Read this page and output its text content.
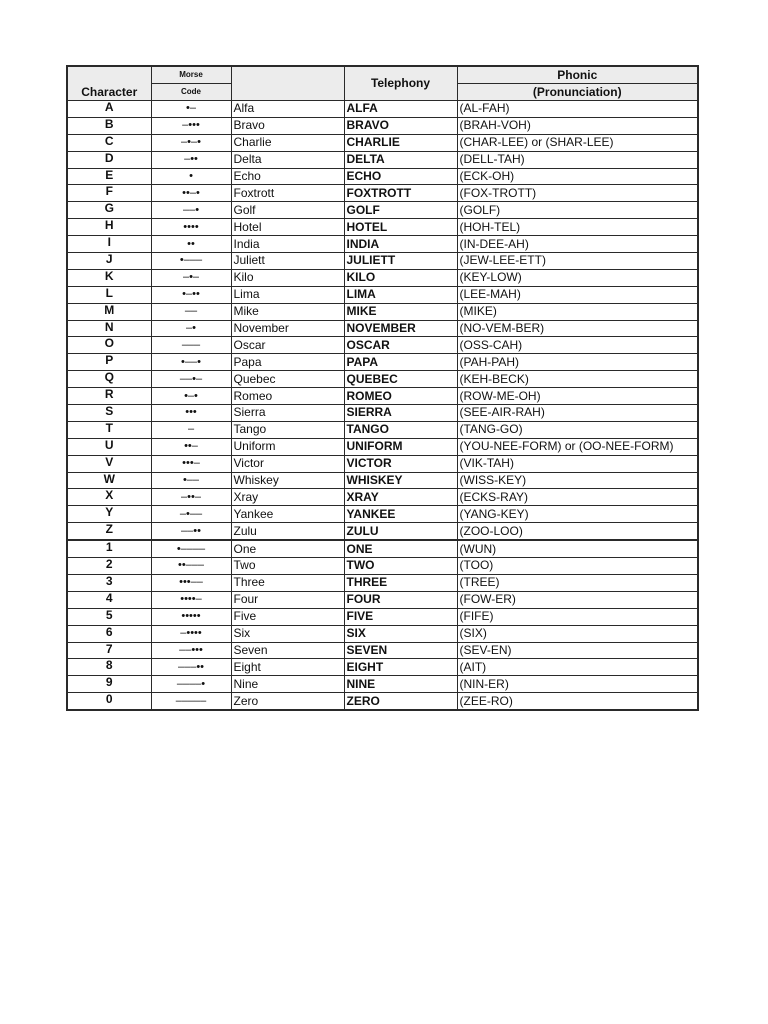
Character	Morse		Telephony	Phonic
	Code			(Pronunciation)
A	•–	Alfa	ALFA	(AL-FAH)
B	–•••	Bravo	BRAVO	(BRAH-VOH)
C	–•–•	Charlie	CHARLIE	(CHAR-LEE) or (SHAR-LEE)
D	–••	Delta	DELTA	(DELL-TAH)
E	•	Echo	ECHO	(ECK-OH)
F	••–•	Foxtrott	FOXTROTT	(FOX-TROTT)
G	––•	Golf	GOLF	(GOLF)
H	••••	Hotel	HOTEL	(HOH-TEL)
I	••	India	INDIA	(IN-DEE-AH)
J	•–––	Juliett	JULIETT	(JEW-LEE-ETT)
K	–•–	Kilo	KILO	(KEY-LOW)
L	•–••	Lima	LIMA	(LEE-MAH)
M	––	Mike	MIKE	(MIKE)
N	–•	November	NOVEMBER	(NO-VEM-BER)
O	–––	Oscar	OSCAR	(OSS-CAH)
P	•––•	Papa	PAPA	(PAH-PAH)
Q	––•–	Quebec	QUEBEC	(KEH-BECK)
R	•–•	Romeo	ROMEO	(ROW-ME-OH)
S	•••	Sierra	SIERRA	(SEE-AIR-RAH)
T	–	Tango	TANGO	(TANG-GO)
U	••–	Uniform	UNIFORM	(YOU-NEE-FORM) or (OO-NEE-FORM)
V	•••–	Victor	VICTOR	(VIK-TAH)
W	•––	Whiskey	WHISKEY	(WISS-KEY)
X	–••–	Xray	XRAY	(ECKS-RAY)
Y	–•––	Yankee	YANKEE	(YANG-KEY)
Z	––••	Zulu	ZULU	(ZOO-LOO)
1	•––––	One	ONE	(WUN)
2	••–––	Two	TWO	(TOO)
3	•••––	Three	THREE	(TREE)
4	••••–	Four	FOUR	(FOW-ER)
5	•••••	Five	FIVE	(FIFE)
6	–••••	Six	SIX	(SIX)
7	––•••	Seven	SEVEN	(SEV-EN)
8	–––••	Eight	EIGHT	(AIT)
9	––––•	Nine	NINE	(NIN-ER)
0	–––––	Zero	ZERO	(ZEE-RO)
